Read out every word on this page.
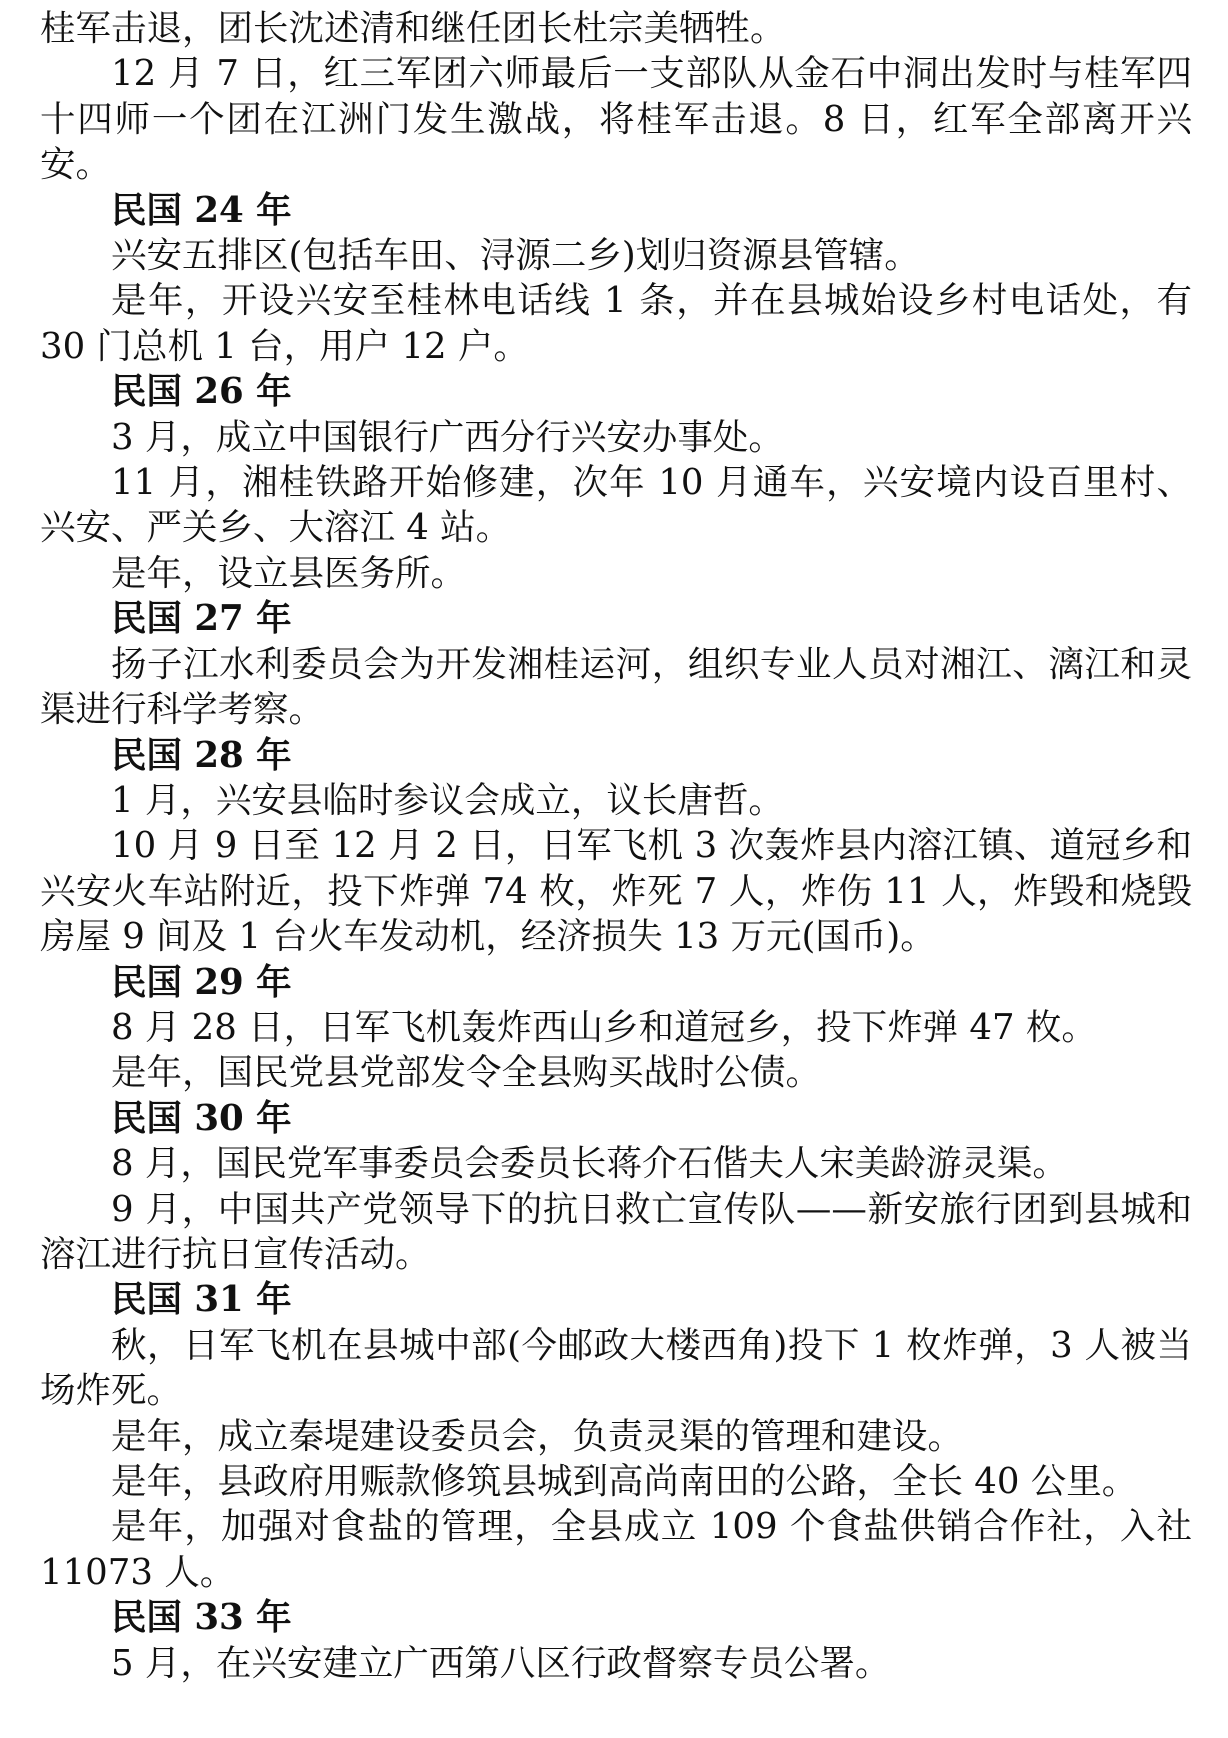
桂军击退，团长沈述清和继任团长杜宗美牺牲。

12 月 7 日，红三军团六师最后一支部队从金石中洞出发时与桂军四十四师一个团在江洲门发生激战，将桂军击退。8 日，红军全部离开兴安。

民国 24 年

兴安五排区(包括车田、浔源二乡)划归资源县管辖。

是年，开设兴安至桂林电话线 1 条，并在县城始设乡村电话处，有 30 门总机 1 台，用户 12 户。

民国 26 年

3 月，成立中国银行广西分行兴安办事处。

11 月，湘桂铁路开始修建，次年 10 月通车，兴安境内设百里村、兴安、严关乡、大溶江 4 站。

是年，设立县医务所。

民国 27 年

扬子江水利委员会为开发湘桂运河，组织专业人员对湘江、漓江和灵渠进行科学考察。

民国 28 年

1 月，兴安县临时参议会成立，议长唐哲。

10 月 9 日至 12 月 2 日，日军飞机 3 次轰炸县内溶江镇、道冠乡和兴安火车站附近，投下炸弹 74 枚，炸死 7 人，炸伤 11 人，炸毁和烧毁房屋 9 间及 1 台火车发动机，经济损失 13 万元(国币)。

民国 29 年

8 月 28 日，日军飞机轰炸西山乡和道冠乡，投下炸弹 47 枚。

是年，国民党县党部发令全县购买战时公债。

民国 30 年

8 月，国民党军事委员会委员长蒋介石偕夫人宋美龄游灵渠。

9 月，中国共产党领导下的抗日救亡宣传队——新安旅行团到县城和溶江进行抗日宣传活动。

民国 31 年

秋，日军飞机在县城中部(今邮政大楼西角)投下 1 枚炸弹，3 人被当场炸死。

是年，成立秦堤建设委员会，负责灵渠的管理和建设。

是年，县政府用赈款修筑县城到高尚南田的公路，全长 40 公里。

是年，加强对食盐的管理，全县成立 109 个食盐供销合作社，入社 11073 人。

民国 33 年

5 月，在兴安建立广西第八区行政督察专员公署。
